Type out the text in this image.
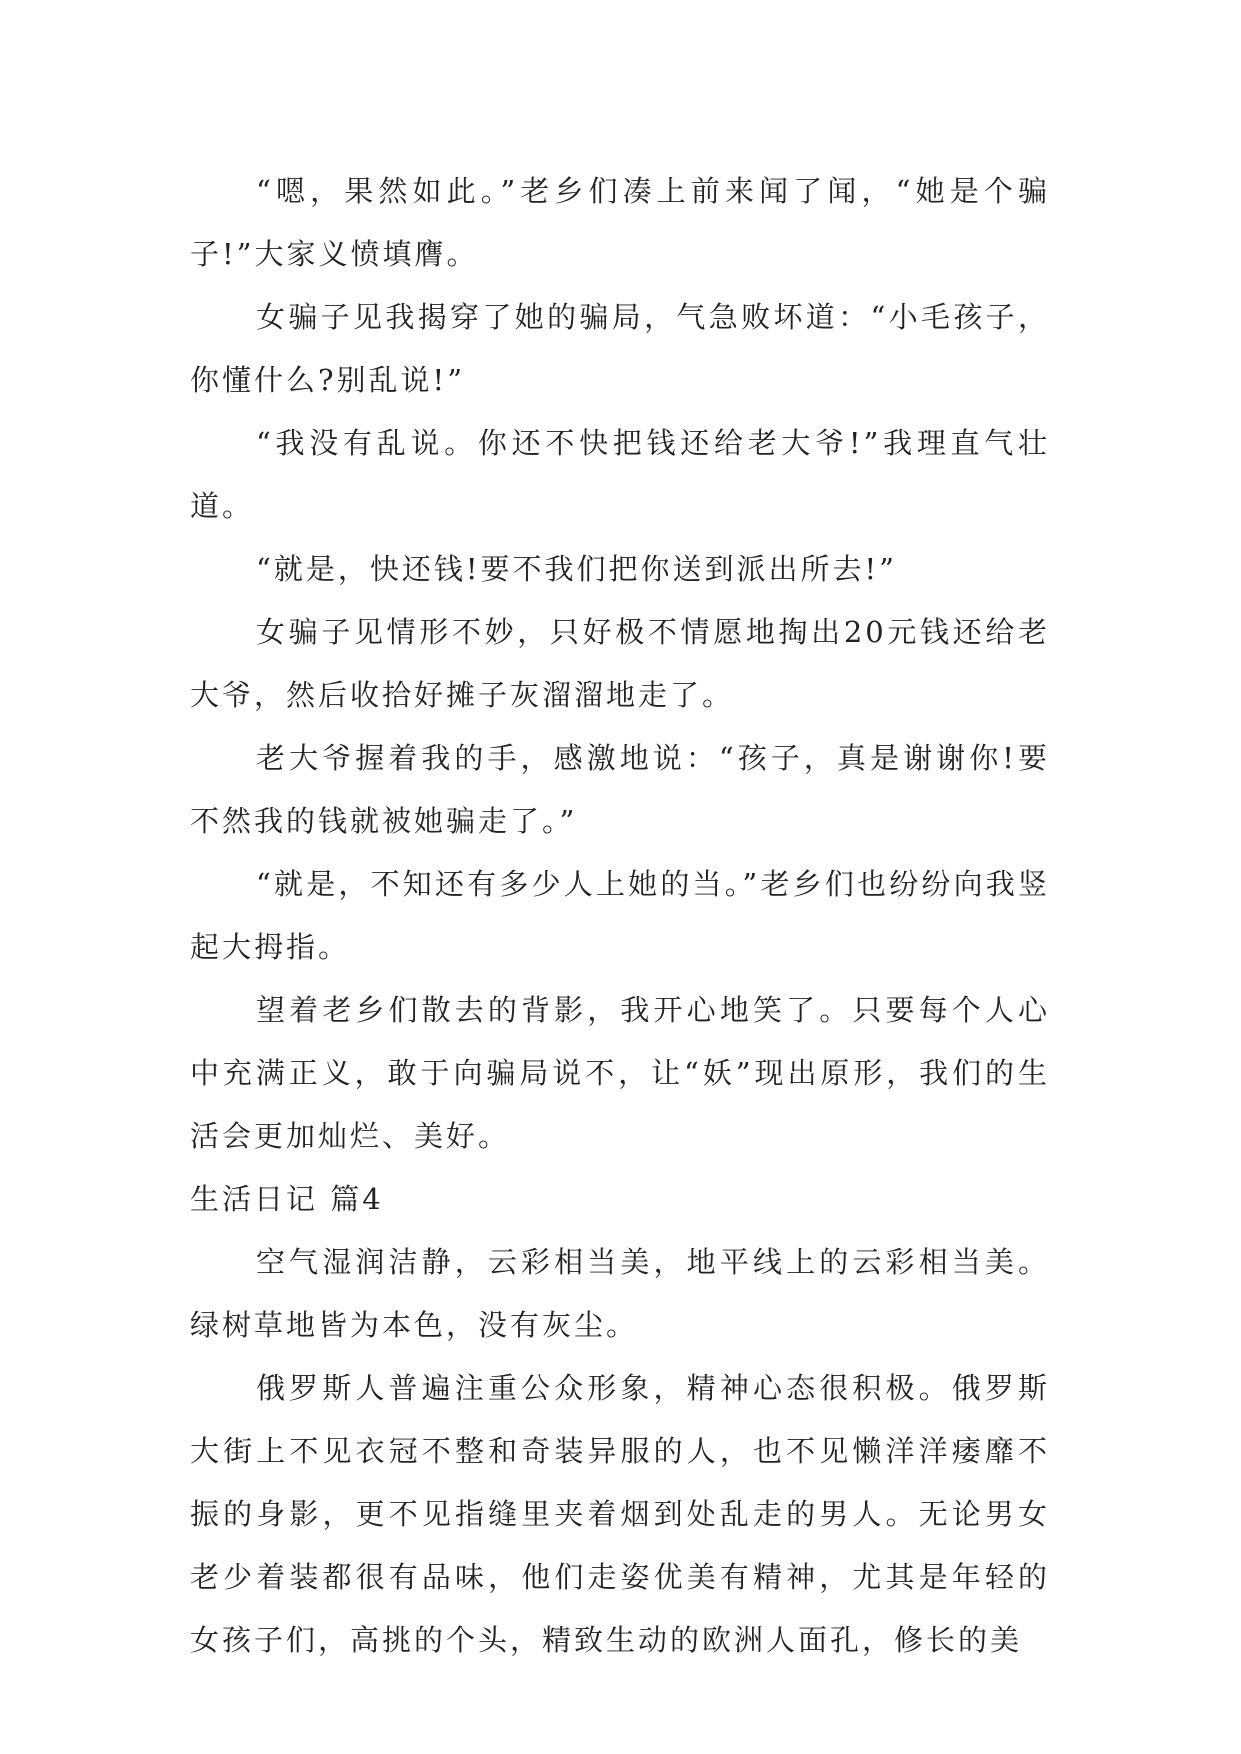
“嗯，果然如此。”老乡们凑上前来闻了闻，“她是个骗子!”大家义愤填膺。

女骗子见我揭穿了她的骗局，气急败坏道：“小毛孩子，你懂什么?别乱说!”

“我没有乱说。你还不快把钱还给老大爷!”我理直气壮道。

“就是，快还钱!要不我们把你送到派出所去!”

女骗子见情形不妙，只好极不情愿地掏出20元钱还给老大爷，然后收拾好摊子灰溜溜地走了。

老大爷握着我的手，感激地说：“孩子，真是谢谢你!要不然我的钱就被她骗走了。”

“就是，不知还有多少人上她的当。”老乡们也纷纷向我竖起大拇指。

望着老乡们散去的背影，我开心地笑了。只要每个人心中充满正义，敢于向骗局说不，让“妖”现出原形，我们的生活会更加灿烂、美好。

生活日记 篇4

空气湿润洁静，云彩相当美，地平线上的云彩相当美。绿树草地皆为本色，没有灰尘。

俄罗斯人普遍注重公众形象，精神心态很积极。俄罗斯大街上不见衣冠不整和奇装异服的人，也不见懒洋洋痿靡不振的身影，更不见指缝里夹着烟到处乱走的男人。无论男女老少着装都很有品味，他们走姿优美有精神，尤其是年轻的女孩子们，高挑的个头，精致生动的欧洲人面孔，修长的美
